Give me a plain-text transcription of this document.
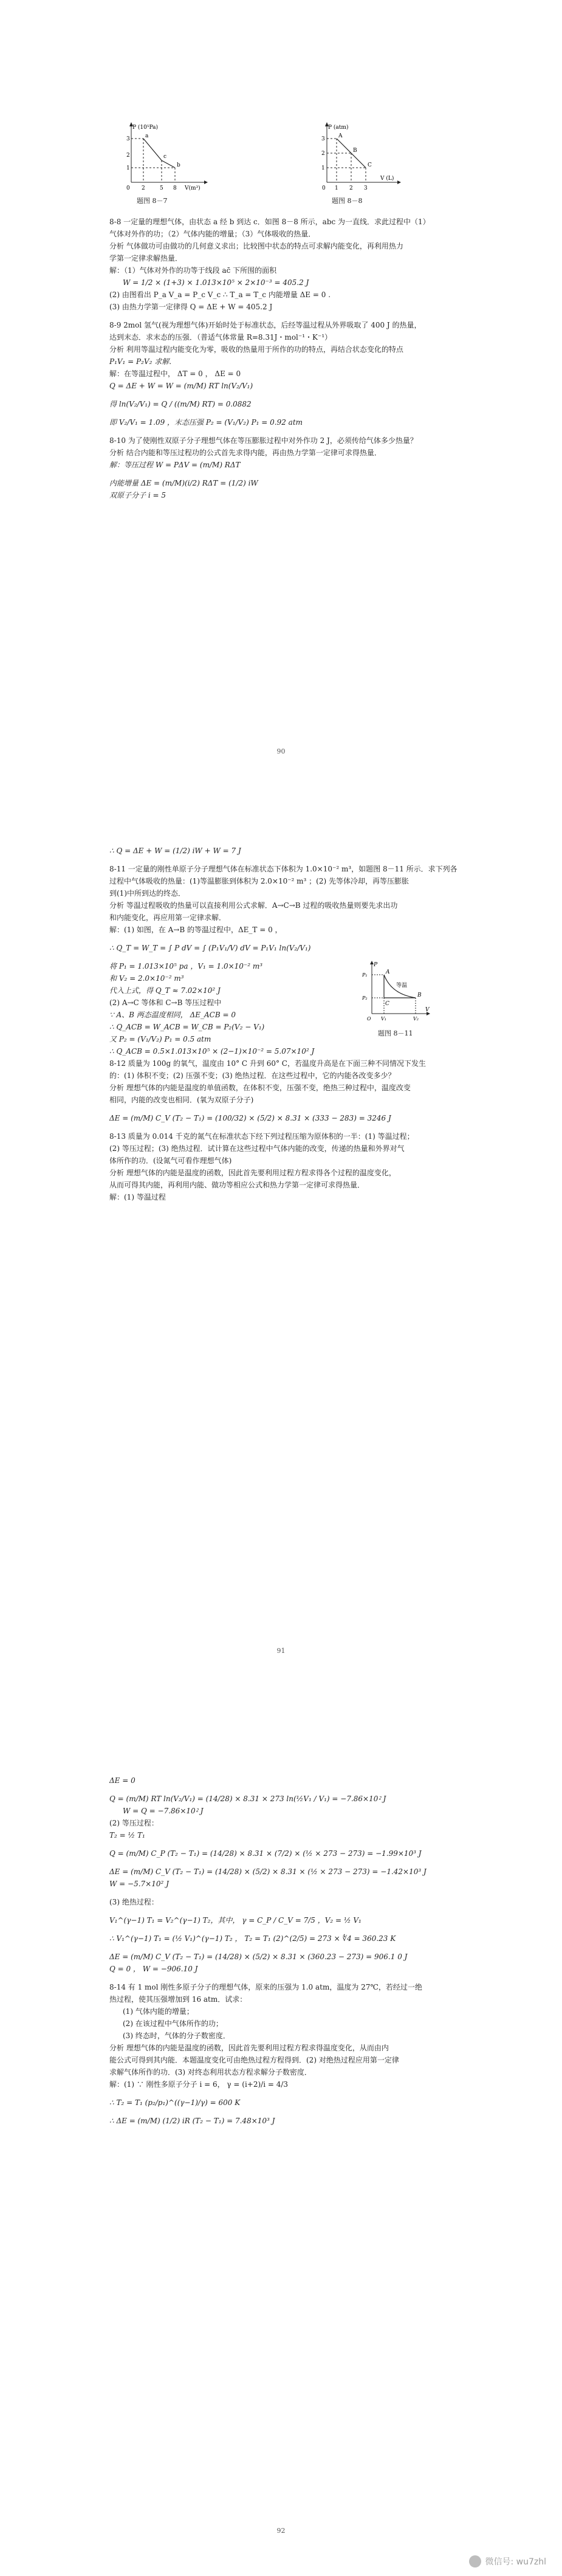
P (10⁵Pa)
V(m³)
3
2
1
0 2	5 8
a
c
b
题图 8－7
P (atm)
V (L)
3
2
1
0 1 2 3
A
B
C
题图 8－8

8-8 一定量的理想气体，由状态 a 经 b 到达 c．如图 8－8 所示，abc 为一直线．求此过程中（1）

气体对外作的功；（2）气体内能的增量；（3）气体吸收的热量．

分析 气体做功可由做功的几何意义求出；比较图中状态的特点可求解内能变化，再利用热力

学第一定律求解热量．

解：（1）气体对外作的功等于线段 ac̄ 下所围的面积

W = 1/2 × (1+3) × 1.013×10⁵ × 2×10⁻³ = 405.2 J

(2) 由图看出 P_a V_a = P_c V_c ∴ T_a = T_c 内能增量 ΔE = 0 .

(3) 由热力学第一定律得 Q = ΔE + W = 405.2 J

8-9 2mol 氢气(视为理想气体)开始时处于标准状态，后经等温过程从外界吸取了 400 J 的热量，

达到末态．求末态的压强．（普适气体常量 R=8.31J・mol⁻¹・K⁻¹）

分析 利用等温过程内能变化为零，吸收的热量用于所作的功的特点，再结合状态变化的特点

P₁V₁ = P₂V₂ 求解．

解：在等温过程中， ΔT = 0 ， ΔE = 0

Q = ΔE + W = W = (m/M) RT ln(V₂/V₁)

得 ln(V₂/V₁) = Q / ((m/M) RT) = 0.0882

即 V₂/V₁ = 1.09 ，末态压强 P₂ = (V₁/V₂) P₁ = 0.92 atm

8-10 为了使刚性双原子分子理想气体在等压膨胀过程中对外作功 2 J，必须传给气体多少热量？

分析 结合内能和等压过程功的公式首先求得内能，再由热力学第一定律可求得热量．

解：等压过程 W = PΔV = (m/M) RΔT

内能增量 ΔE = (m/M)(i/2) RΔT = (1/2) iW

双原子分子 i = 5

90

∴ Q = ΔE + W = (1/2) iW + W = 7 J

8-11 一定量的刚性单原子分子理想气体在标准状态下体积为 1.0×10⁻² m³，如题图 8－11 所示．求下列各

过程中气体吸收的热量：(1)等温膨胀到体积为 2.0×10⁻² m³ ；(2) 先等体冷却，再等压膨胀

到(1)中所到达的终态．

分析 等温过程吸收的热量可以直接利用公式求解．A→C→B 过程的吸收热量则要先求出功

和内能变化，再应用第一定律求解．

解：(1) 如图，在 A→B 的等温过程中，ΔE_T = 0 ，

∴ Q_T = W_T = ∫ P dV = ∫ (P₁V₁/V) dV = P₁V₁ ln(V₂/V₁)

将 P₁ = 1.013×10⁵ pa ，V₁ = 1.0×10⁻² m³

和 V₂ = 2.0×10⁻² m³

代入上式，得 Q_T ≈ 7.02×10² J

(2) A→C 等体和 C→B 等压过程中

∵ A、B 两态温度相同， ΔE_ACB = 0

∴ Q_ACB = W_ACB = W_CB = P₂(V₂ − V₁)

又 P₂ = (V₁/V₂) P₁ = 0.5 atm

∴ Q_ACB = 0.5×1.013×10⁵ × (2−1)×10⁻² = 5.07×10² J

8-12 质量为 100g 的氧气，温度由 10° C 升到 60° C，若温度升高是在下面三种不同情况下发生

的：(1) 体积不变；(2) 压强不变；(3) 绝热过程．在这些过程中，它的内能各改变多少？

分析 理想气体的内能是温度的单值函数，在体积不变，压强不变，绝热三种过程中，温度改变

相同，内能的改变也相同．(氧为双原子分子)

ΔE = (m/M) C_V (T₂ − T₁) = (100/32) × (5/2) × 8.31 × (333 − 283) = 3246 J

8-13 质量为 0.014 千克的氮气在标准状态下经下列过程压缩为原体积的一半：(1) 等温过程；

(2) 等压过程；(3) 绝热过程．试计算在这些过程中气体内能的改变，传递的热量和外界对气

体所作的功．(设氮气可看作理想气体)

分析 理想气体的内能是温度的函数，因此首先要利用过程方程求得各个过程的温度变化，

从而可得其内能，再利用内能、做功等相应公式和热力学第一定律可求得热量．

解：(1) 等温过程

P
V
P₁
P₂
V₁	V₂
O
A
B
C
等温
题图 8－11
91

ΔE = 0

Q = (m/M) RT ln(V₂/V₁) = (14/28) × 8.31 × 273 ln(½V₁ / V₁) = −7.86×10⁲ J

W = Q = −7.86×10⁲ J

(2) 等压过程：

T₂ = ½ T₁

Q = (m/M) C_P (T₂ − T₁) = (14/28) × 8.31 × (7/2) × (½ × 273 − 273) = −1.99×10³ J

ΔE = (m/M) C_V (T₂ − T₁) = (14/28) × (5/2) × 8.31 × (½ × 273 − 273) = −1.42×10³ J

W = −5.7×10² J

(3) 绝热过程：

V₁^(γ−1) T₁ = V₂^(γ−1) T₂，其中， γ = C_P / C_V = 7/5 ，V₂ = ½ V₁

∴ V₁^(γ−1) T₁ = (½ V₁)^(γ−1) T₂ ， T₂ = T₁ (2)^(2/5) = 273 × ∜4 = 360.23 K

ΔE = (m/M) C_V (T₂ − T₁) = (14/28) × (5/2) × 8.31 × (360.23 − 273) = 906.1 0 J

Q = 0 ， W = −906.10 J

8-14 有 1 mol 刚性多原子分子的理想气体，原来的压强为 1.0 atm，温度为 27℃，若经过一绝

热过程，使其压强增加到 16 atm．试求：

(1) 气体内能的增量；

(2) 在该过程中气体所作的功；

(3) 终态时，气体的分子数密度．

分析 理想气体的内能是温度的函数，因此首先要利用过程方程求得温度变化，从而由内

能公式可得到其内能．本题温度变化可由绝热过程方程得到．(2) 对绝热过程应用第一定律

求解气体所作的功．(3) 对终态利用状态方程求解分子数密度．

解：(1) ∵ 刚性多原子分子 i = 6， γ = (i+2)/i = 4/3

∴ T₂ = T₁ (p₂/p₁)^((γ−1)/γ) = 600 K

∴ ΔE = (m/M) (1/2) iR (T₂ − T₁) = 7.48×10³ J

92
微信号: wu7zhl
